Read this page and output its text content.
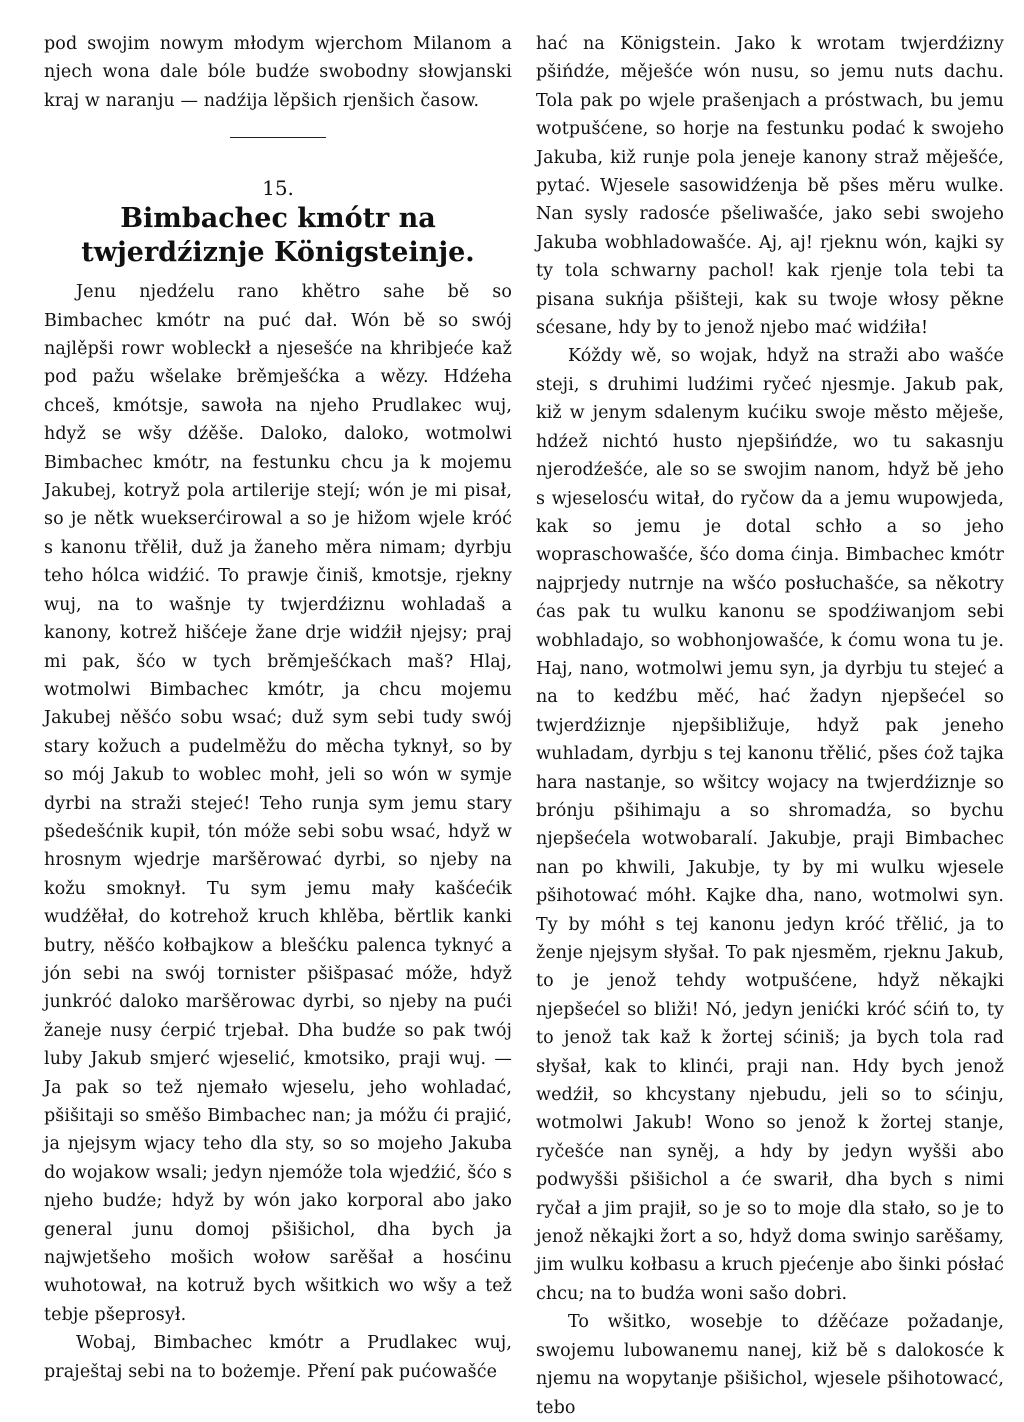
pod swojim nowym młodym wjerchom Milanom a njech wona dale bóle budźe swobodny słowjanski kraj w naranju — nadźija lěpšich rjenšich časow.

15.
Bimbachec kmótr na twjerdźiznje Königsteinje.

Jenu njedźelu rano khětro sahe bě so Bimbachec kmótr na puć dał. Wón bě so swój najlěpši rowr wobleckł a njesešće na khribjeće kaž pod pažu wšelake brěmješćka a wězy. Hdźeha chceš, kmótsje, sawoła na njeho Prudlakec wuj, hdyž se wšy dźěše. Daloko, daloko, wotmolwi Bimbachec kmótr, na festunku chcu ja k mojemu Jakubej, kotryž pola artilerije stejí; wón je mi pisał, so je nětk wuekserćirowal a so je hižom wjele króć s kanonu třělił, duž ja žaneho měra nimam; dyrbju teho hólca widźić. To prawje činiš, kmotsje, rjekny wuj, na to wašnje ty twjerdźiznu wohladaš a kanony, kotrež hišćeje žane drje widźił njejsy; praj mi pak, šćo w tych brěmješćkach maš? Hlaj, wotmolwi Bimbachec kmótr, ja chcu mojemu Jakubej něšćo sobu wsać; duž sym sebi tudy swój stary kožuch a pudelměžu do měcha tyknył, so by so mój Jakub to woblec mohł, jeli so wón w symje dyrbi na straži stejeć! Teho runja sym jemu stary pšedešćnik kupił, tón móže sebi sobu wsać, hdyž w hrosnym wjedrje maršěrować dyrbi, so njeby na kožu smoknył. Tu sym jemu mały kašćećik wudźěłał, do kotrehož kruch khlěba, běrtlik kanki butry, něšćo kołbajkow a blešćku palenca tyknyć a jón sebi na swój tornister pšišpasać móže, hdyž junkróć daloko maršěrowac dyrbi, so njeby na pući žaneje nusy ćerpić trjebał. Dha budźe so pak twój luby Jakub smjerć wjeselić, kmotsiko, praji wuj. — Ja pak so tež njemało wjeselu, jeho wohladać, pšišitaji so směšo Bimbachec nan; ja móžu ći prajić, ja njejsym wjacy teho dla sty, so so mojeho Jakuba do wojakow wsali; jedyn njemóže tola wjedźić, šćo s njeho budźe; hdyž by wón jako korporal abo jako general junu domoj pšišichol, dha bych ja najwjetšeho mošich wołow sarěšał a hosćinu wuhotował, na kotruž bych wšitkich wo wšy a tež tebje pšeprosył.

Wobaj, Bimbachec kmótr a Prudlakec wuj, praještaj sebi na to bożemje. Pření pak pućowašće

hać na Königstein. Jako k wrotam twjerdźizny pšińdźe, měješće wón nusu, so jemu nuts dachu. Tola pak po wjele prašenjach a próstwach, bu jemu wotpušćene, so horje na festunku podać k swojeho Jakuba, kiž runje pola jeneje kanony straž měješće, pytać. Wjesele sasowidźenja bě pšes měru wulke. Nan sysly radosće pšeliwašće, jako sebi swojeho Jakuba wobhladowašće. Aj, aj! rjeknu wón, kajki sy ty tola schwarny pachol! kak rjenje tola tebi ta pisana sukńja pšišteji, kak su twoje włosy pěkne sćesane, hdy by to jenož njebo mać widźiła!

Kóždy wě, so wojak, hdyž na straži abo wašće steji, s druhimi ludźimi ryčeć njesmje. Jakub pak, kiž w jenym sdalenym kućiku swoje město měješe, hdźež nichtó husto njepšińdźe, wo tu sakasnju njerodźešće, ale so se swojim nanom, hdyž bě jeho s wjeselosću witał, do ryčow da a jemu wupowjeda, kak so jemu je dotal schło a so jeho wopraschowašće, šćo doma ćinja. Bimbachec kmótr najprjedy nutrnje na wšćo posłuchašće, sa někotry ćas pak tu wulku kanonu se spodźiwanjom sebi wobhladajo, so wobhonjowašće, k ćomu wona tu je. Haj, nano, wotmolwi jemu syn, ja dyrbju tu stejeć a na to kedźbu měć, hać žadyn njepšećel so twjerdźiznje njepšibližuje, hdyž pak jeneho wuhladam, dyrbju s tej kanonu třělić, pšes ćož tajka hara nastanje, so wšitcy wojacy na twjerdźiznje so brónju pšihimaju a so shromadźa, so bychu njepšećela wotwobaralí. Jakubje, praji Bimbachec nan po khwili, Jakubje, ty by mi wulku wjesele pšihotować móhł. Kajke dha, nano, wotmolwi syn. Ty by móhł s tej kanonu jedyn króć třělić, ja to ženje njejsym słyšał. To pak njesměm, rjeknu Jakub, to je jenož tehdy wotpušćene, hdyž někajki njepšećel so bliži! Nó, jedyn jenićki króć sćiń to, ty to jenož tak kaž k žortej sćiniš; ja bych tola rad słyšał, kak to klinći, praji nan. Hdy bych jenož wedźił, so khcystany njebudu, jeli so to sćinju, wotmolwi Jakub! Wono so jenož k žortej stanje, ryčešće nan syněj, a hdy by jedyn wyšši abo podwyšši pšišichol a će swarił, dha bych s nimi ryčał a jim prajił, so je so to moje dla stało, so je to jenož někajki žort a so, hdyž doma swinjo sarěšamy, jim wulku kołbasu a kruch pjećenje abo šinki pósłać chcu; na to budźa woni sašo dobri.

To wšitko, wosebje to dźěćaze požadanje, swojemu lubowanemu nanej, kiž bě s dalokosće k njemu na wopytanje pšišichol, wjesele pšihotowacć, tebo
